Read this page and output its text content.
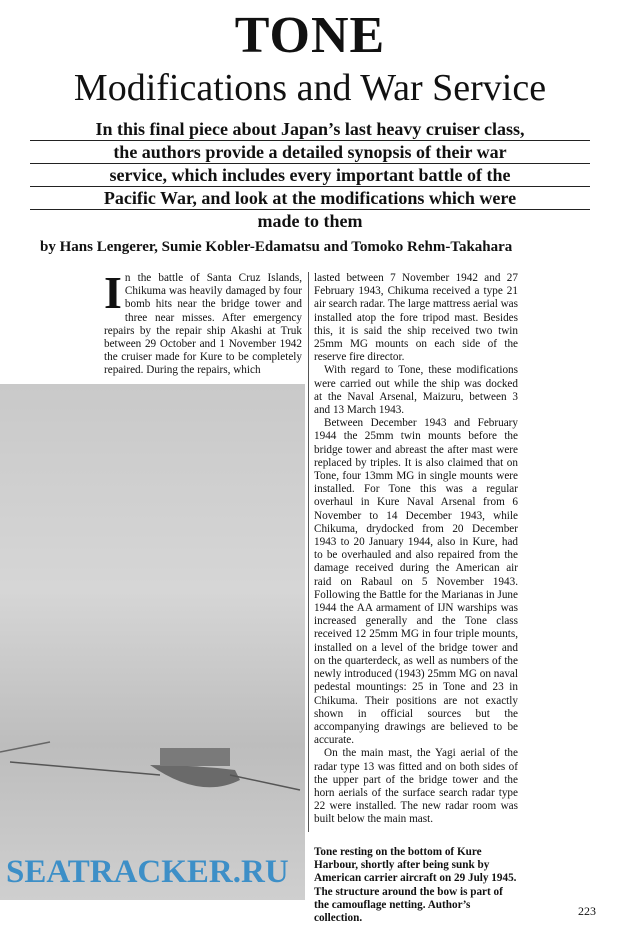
TONE
Modifications and War Service
In this final piece about Japan’s last heavy cruiser class,
the authors provide a detailed synopsis of their war
service, which includes every important battle of the
Pacific War, and look at the modifications which were
made to them
by Hans Lengerer, Sumie Kobler-Edamatsu and Tomoko Rehm-Takahara
I n the battle of Santa Cruz Islands, Chikuma was heavily damaged by four bomb hits near the bridge tower and three near misses. After emergency repairs by the repair ship Akashi at Truk between 29 October and 1 November 1942 the cruiser made for Kure to be completely repaired. During the repairs, which
SEATRACKER.RU

lasted between 7 November 1942 and 27 February 1943, Chikuma received a type 21 air search radar. The large mattress aerial was installed atop the fore tripod mast. Besides this, it is said the ship received two twin 25mm MG mounts on each side of the reserve fire director.

With regard to Tone, these modifications were carried out while the ship was docked at the Naval Arsenal, Maizuru, between 3 and 13 March 1943.

Between December 1943 and February 1944 the 25mm twin mounts before the bridge tower and abreast the after mast were replaced by triples. It is also claimed that on Tone, four 13mm MG in single mounts were installed. For Tone this was a regular overhaul in Kure Naval Arsenal from 6 November to 14 December 1943, while Chikuma, drydocked from 20 December 1943 to 20 January 1944, also in Kure, had to be overhauled and also repaired from the damage received during the American air raid on Rabaul on 5 November 1943. Following the Battle for the Marianas in June 1944 the AA armament of IJN warships was increased generally and the Tone class received 12 25mm MG in four triple mounts, installed on a level of the bridge tower and on the quarterdeck, as well as numbers of the newly introduced (1943) 25mm MG on naval pedestal mountings: 25 in Tone and 23 in Chikuma. Their positions are not exactly shown in official sources but the accompanying drawings are believed to be accurate.

On the main mast, the Yagi aerial of the radar type 13 was fitted and on both sides of the upper part of the bridge tower and the horn aerials of the surface search radar type 22 were installed. The new radar room was built below the main mast.

Tone resting on the bottom of Kure Harbour, shortly after being sunk by American carrier aircraft on 29 July 1945. The structure around the bow is part of the camouflage netting. Author’s collection.
223
